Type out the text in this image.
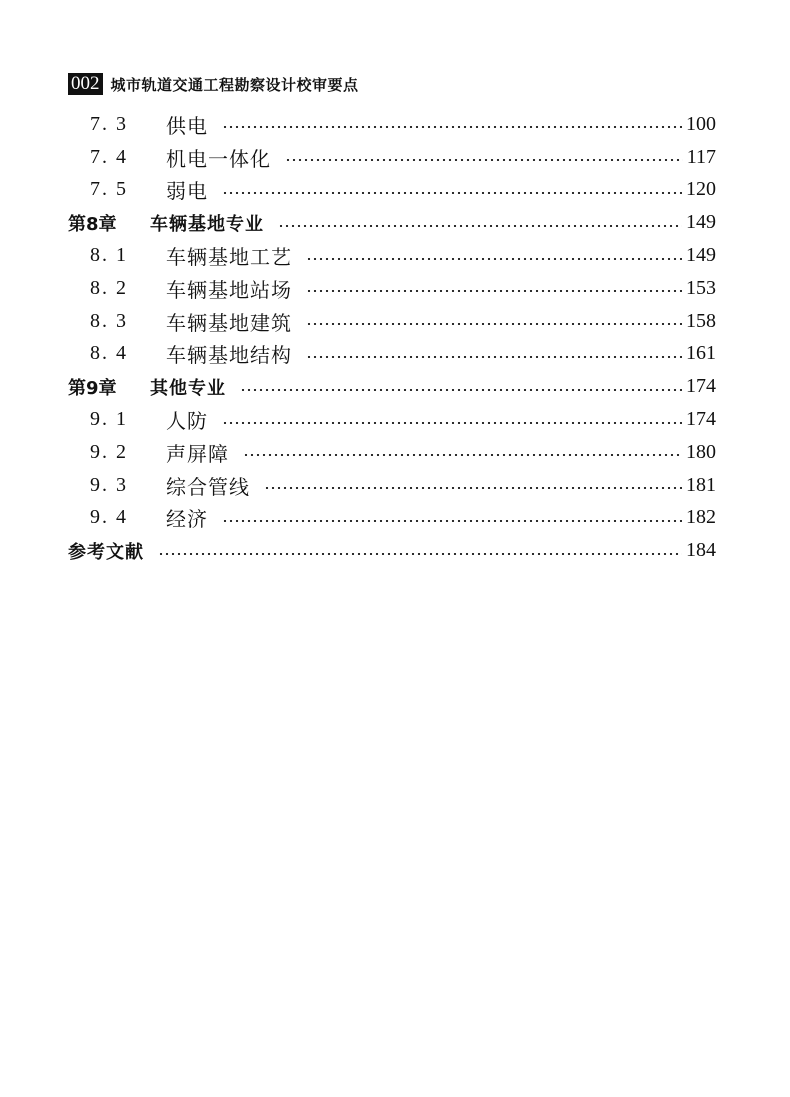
002 城市轨道交通工程勘察设计校审要点
7. 3	供电	100
7. 4	机电一体化	117
7. 5	弱电	120
第8章	车辆基地专业	149
8. 1	车辆基地工艺	149
8. 2	车辆基地站场	153
8. 3	车辆基地建筑	158
8. 4	车辆基地结构	161
第9章	其他专业	174
9. 1	人防	174
9. 2	声屏障	180
9. 3	综合管线	181
9. 4	经济	182
参考文献	184
